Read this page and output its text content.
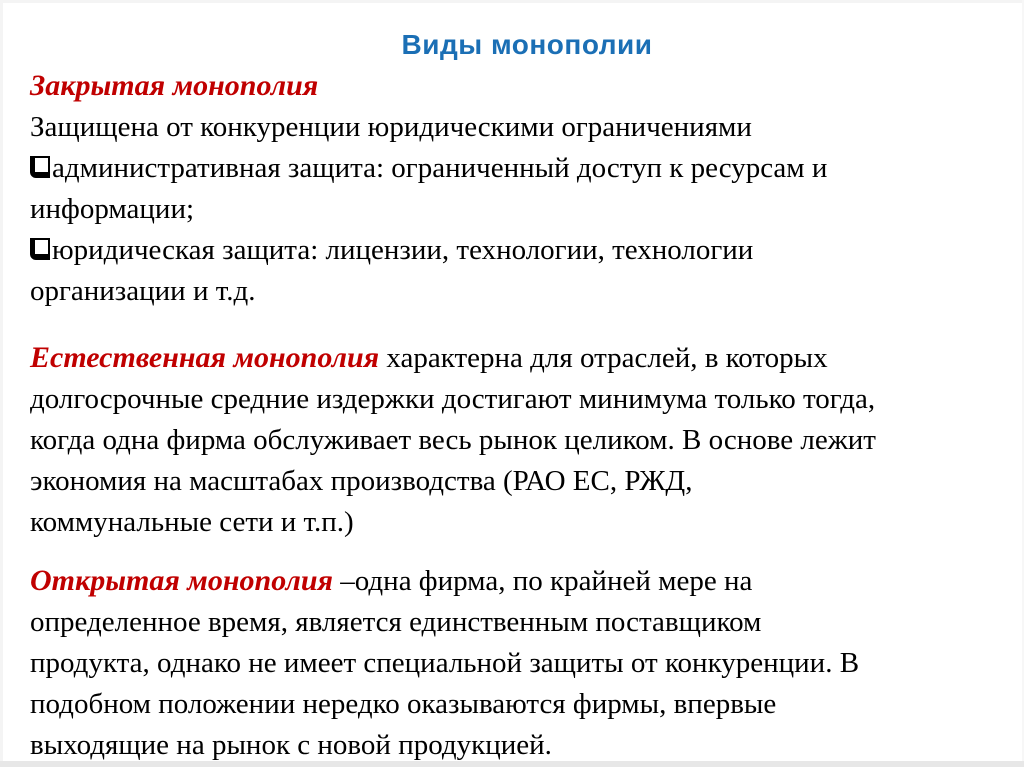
Виды монополии
Закрытая монополия
Защищена от конкуренции юридическими ограничениями
административная защита: ограниченный доступ к ресурсам и
информации;
юридическая защита: лицензии, технологии, технологии
организации и т.д.
Естественная монополия характерна для отраслей, в которых
долгосрочные средние издержки достигают минимума только тогда,
когда одна фирма обслуживает весь рынок целиком. В основе лежит
экономия на масштабах производства (РАО ЕС, РЖД,
коммунальные сети и т.п.)
Открытая монополия –одна фирма, по крайней мере на
определенное время, является единственным поставщиком
продукта, однако не имеет специальной защиты от конкуренции. В
подобном положении нередко оказываются фирмы, впервые
выходящие на рынок с новой продукцией.
